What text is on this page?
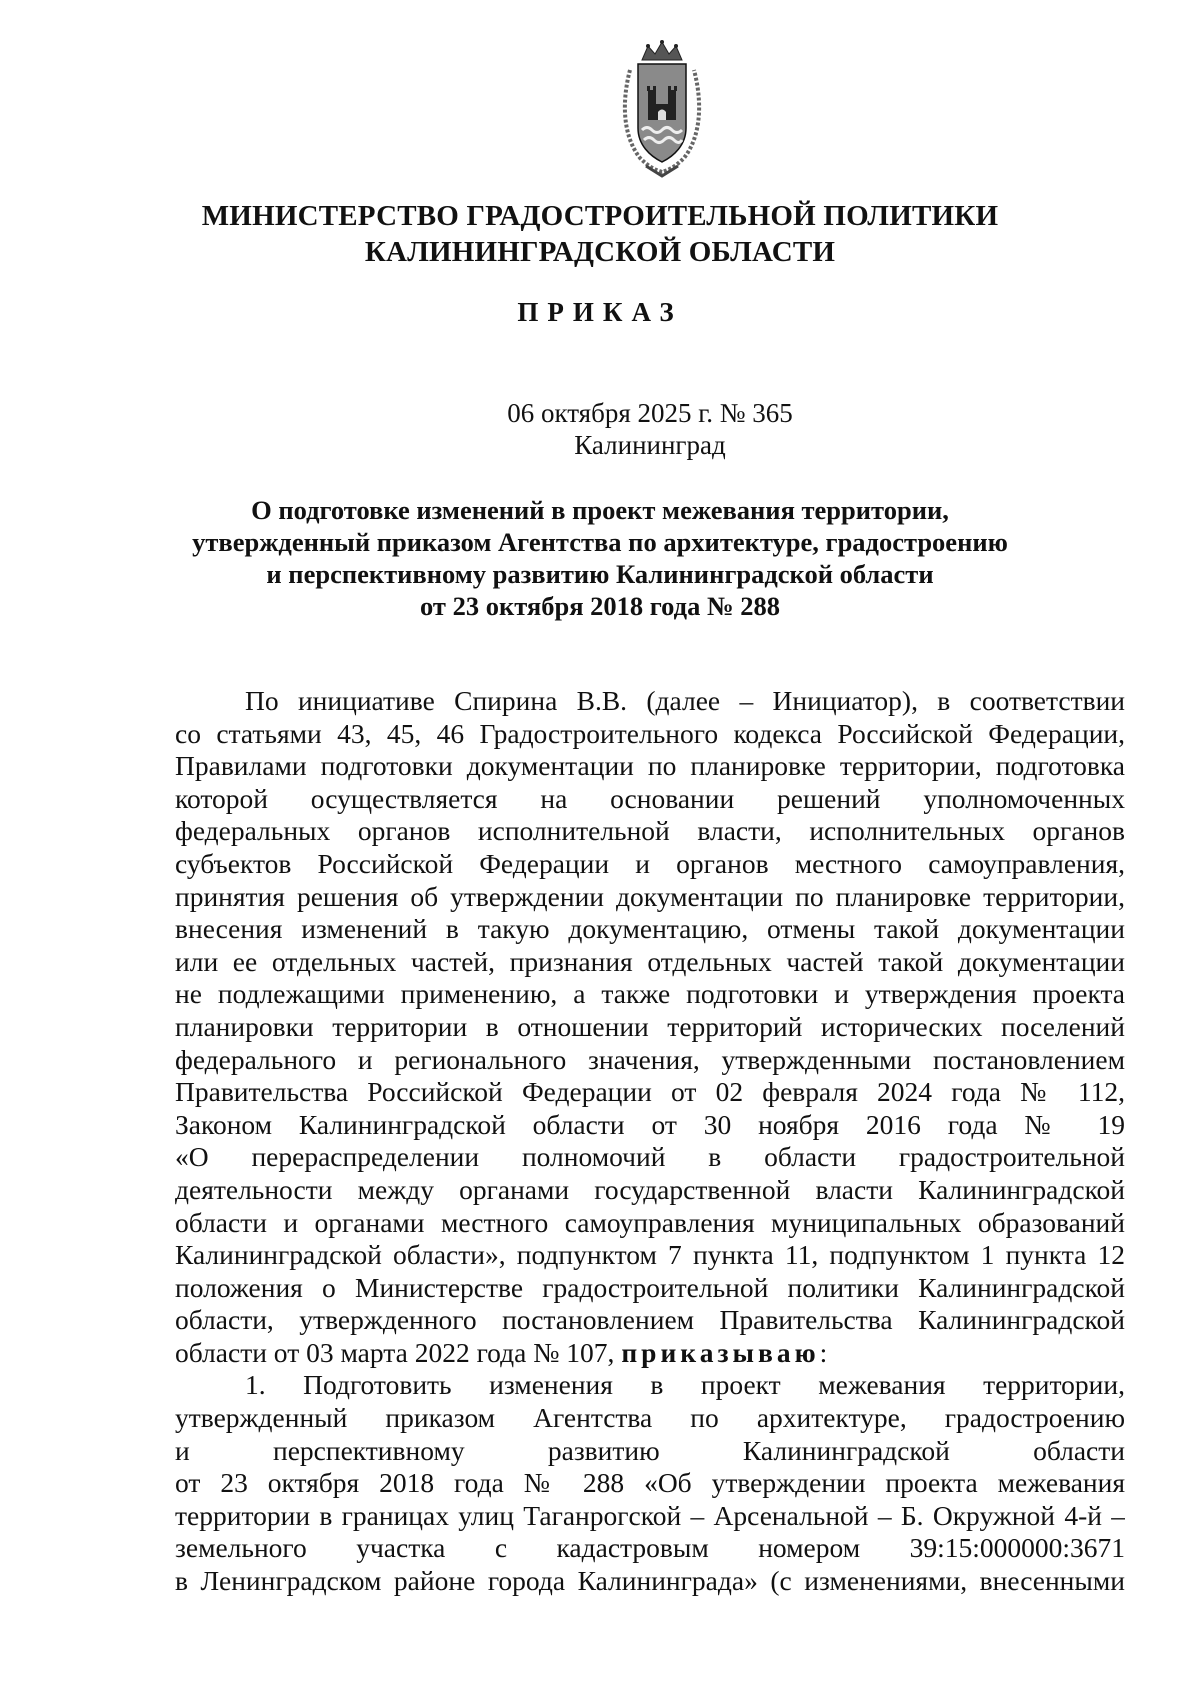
МИНИСТЕРСТВО ГРАДОСТРОИТЕЛЬНОЙ ПОЛИТИКИ
КАЛИНИНГРАДСКОЙ ОБЛАСТИ
ПРИКАЗ
06 октября 2025 г. № 365
Калининград
О подготовке изменений в проект межевания территории,
утвержденный приказом Агентства по архитектуре, градостроению
и перспективному развитию Калининградской области
от 23 октября 2018 года № 288
По инициативе Спирина В.В. (далее – Инициатор), в соответствии
со статьями 43, 45, 46 Градостроительного кодекса Российской Федерации,
Правилами подготовки документации по планировке территории, подготовка
которой осуществляется на основании решений уполномоченных
федеральных органов исполнительной власти, исполнительных органов
субъектов Российской Федерации и органов местного самоуправления,
принятия решения об утверждении документации по планировке территории,
внесения изменений в такую документацию, отмены такой документации
или ее отдельных частей, признания отдельных частей такой документации
не подлежащими применению, а также подготовки и утверждения проекта
планировки территории в отношении территорий исторических поселений
федерального и регионального значения, утвержденными постановлением
Правительства Российской Федерации от 02 февраля 2024 года № 112,
Законом Калининградской области от 30 ноября 2016 года № 19
«О перераспределении полномочий в области градостроительной
деятельности между органами государственной власти Калининградской
области и органами местного самоуправления муниципальных образований
Калининградской области», подпунктом 7 пункта 11, подпунктом 1 пункта 12
положения о Министерстве градостроительной политики Калининградской
области, утвержденного постановлением Правительства Калининградской
области от 03 марта 2022 года № 107, приказываю:
1. Подготовить изменения в проект межевания территории,
утвержденный приказом Агентства по архитектуре, градостроению
и перспективному развитию Калининградской области
от 23 октября 2018 года № 288 «Об утверждении проекта межевания
территории в границах улиц Таганрогской – Арсенальной – Б. Окружной 4-й –
земельного участка с кадастровым номером 39:15:000000:3671
в Ленинградском районе города Калининграда» (с изменениями, внесенными
